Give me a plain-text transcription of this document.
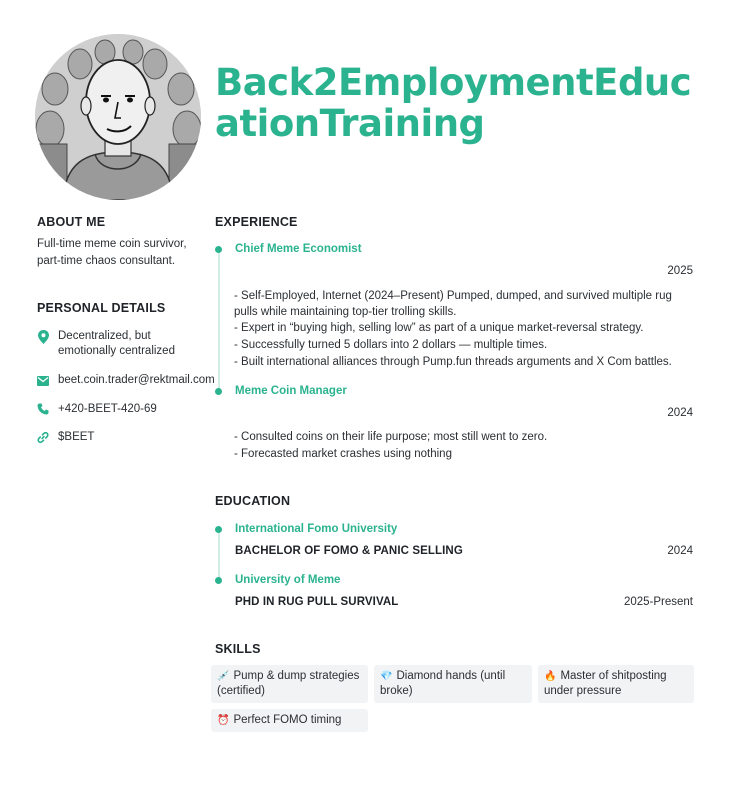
Back2EmploymentEducationTraining
ABOUT ME
Full-time meme coin survivor,
part-time chaos consultant.
PERSONAL DETAILS
Decentralized, but
emotionally centralized
beet.coin.trader@rektmail.com
+420-BEET-420-69
$BEET
EXPERIENCE
Chief Meme Economist
2025
- Self-Employed, Internet (2024–Present) Pumped, dumped, and survived multiple rug
pulls while maintaining top-tier trolling skills.
- Expert in “buying high, selling low” as part of a unique market-reversal strategy.
- Successfully turned 5 dollars into 2 dollars — multiple times.
- Built international alliances through Pump.fun threads arguments and X Com battles.
Meme Coin Manager
2024
- Consulted coins on their life purpose; most still went to zero.
- Forecasted market crashes using nothing
EDUCATION
International Fomo University
BACHELOR OF FOMO & PANIC SELLING	2024
University of Meme
PHD IN RUG PULL SURVIVAL	2025-Present
SKILLS
💉 Pump & dump strategies
(certified)
💎 Diamond hands (until
broke)
🔥 Master of shitposting
under pressure
⏰ Perfect FOMO timing
